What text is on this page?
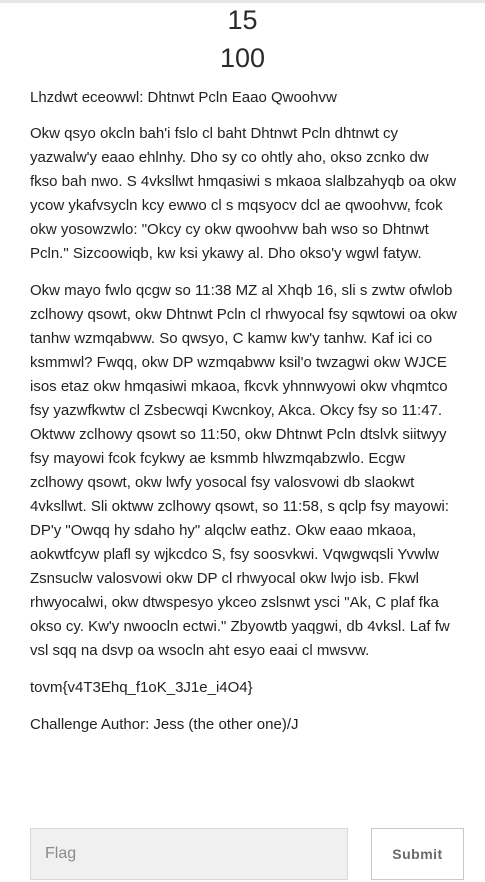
15
100

Lhzdwt eceowwl: Dhtnwt Pcln Eaao Qwoohvw

Okw qsyo okcln bah'i fslo cl baht Dhtnwt Pcln dhtnwt cy yazwalw'y eaao ehlnhy. Dho sy co ohtly aho, okso zcnko dw fkso bah nwo. S 4vksllwt hmqasiwi s mkaoa slalbzahyqb oa okw ycow ykafvsycln kcy ewwo cl s mqsyocv dcl ae qwoohvw, fcok okw yosowzwlo: "Okcy cy okw qwoohvw bah wso so Dhtnwt Pcln." Sizcoowiqb, kw ksi ykawy al. Dho okso'y wgwl fatyw.

Okw mayo fwlo qcgw so 11:38 MZ al Xhqb 16, sli s zwtw ofwlob zclhowy qsowt, okw Dhtnwt Pcln cl rhwyocal fsy sqwtowi oa okw tanhw wzmqabww. So qwsyo, C kamw kw'y tanhw. Kaf ici co ksmmwl? Fwqq, okw DP wzmqabww ksil'o twzagwi okw WJCE isos etaz okw hmqasiwi mkaoa, fkcvk yhnnwyowi okw vhqmtco fsy yazwfkwtw cl Zsbecwqi Kwcnkoy, Akca. Okcy fsy so 11:47. Oktww zclhowy qsowt so 11:50, okw Dhtnwt Pcln dtslvk siitwyy fsy mayowi fcok fcykwy ae ksmmb hlwzmqabzwlo. Ecgw zclhowy qsowt, okw lwfy yosocal fsy valosvowi db slaokwt 4vksllwt. Sli oktww zclhowy qsowt, so 11:58, s qclp fsy mayowi: DP'y "Owqq hy sdaho hy" alqclw eathz. Okw eaao mkaoa, aokwtfcyw plafl sy wjkcdco S, fsy soosvkwi. Vqwgwqsli Yvwlw Zsnsuclw valosvowi okw DP cl rhwyocal okw lwjo isb. Fkwl rhwyocalwi, okw dtwspesyo ykceo zslsnwt ysci "Ak, C plaf fka okso cy. Kw'y nwoocln ectwi." Zbyowtb yaqgwi, db 4vksl. Laf fw vsl sqq na dsvp oa wsocln aht esyo eaai cl mwsvw.

tovm{v4T3Ehq_f1oK_3J1e_i4O4}

Challenge Author: Jess (the other one)/J

Flag
Submit
